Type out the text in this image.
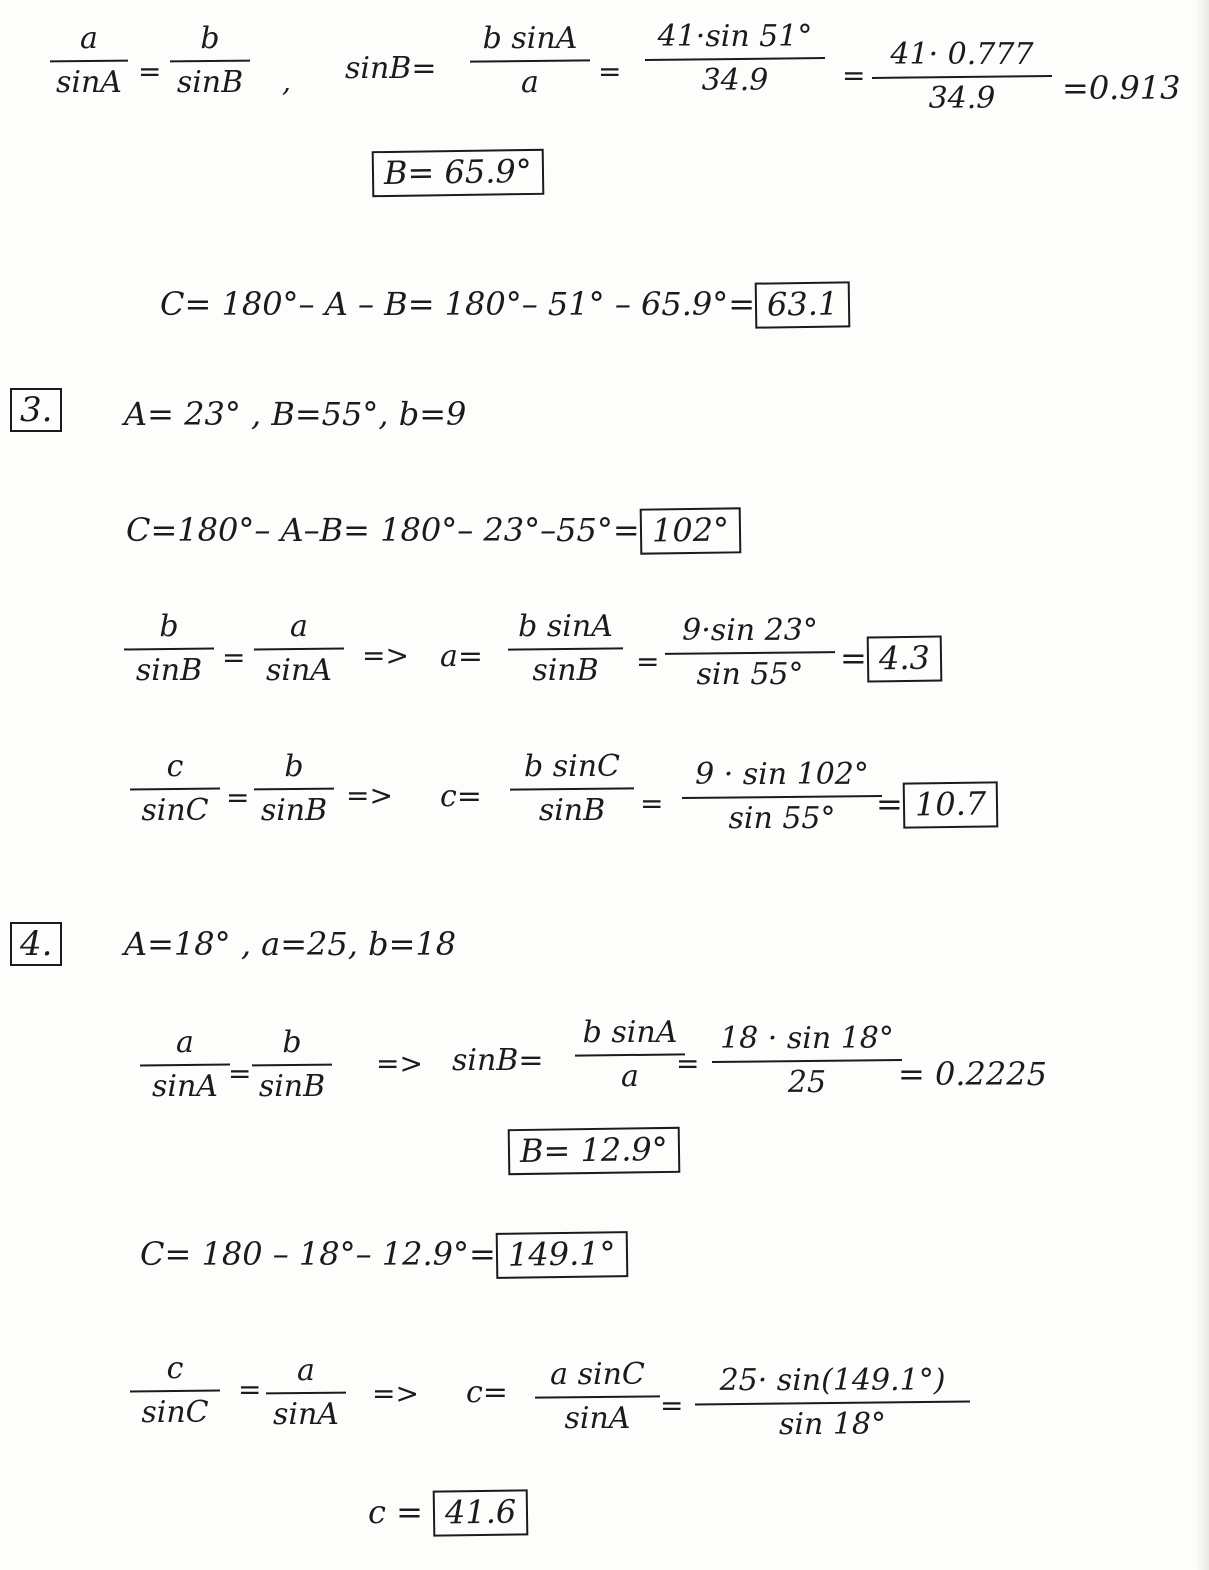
a
sinA =
b
sinB , sinB=
b sinA
a	=
41·sin 51°
34.9	=
41· 0.777
34.9	=0.913
B= 65.9°
C= 180°– A – B= 180°– 51° – 65.9°= 63.1
3.	A= 23° , B=55°, b=9
C=180°– A–B= 180°– 23°–55°= 102°
b
sinB =
a
sinA	=> a=
b sinA
sinB	=
9·sin 23°
sin 55°	= 4.3
c
sinC =
b
sinB => c=
b sinC
sinB	=
9 · sin 102°
sin 55°	= 10.7
4.	A=18° , a=25, b=18
a
sinA =
b
sinB
=> sinB=
b sinA
a	=
18 · sin 18°
25	= 0.2225
B= 12.9°
C= 180 – 18°– 12.9°= 149.1°
c
sinC
=
a
sinA
=> c=
a sinC
sinA	=
25· sin(149.1°)
sin 18°
c = 41.6
